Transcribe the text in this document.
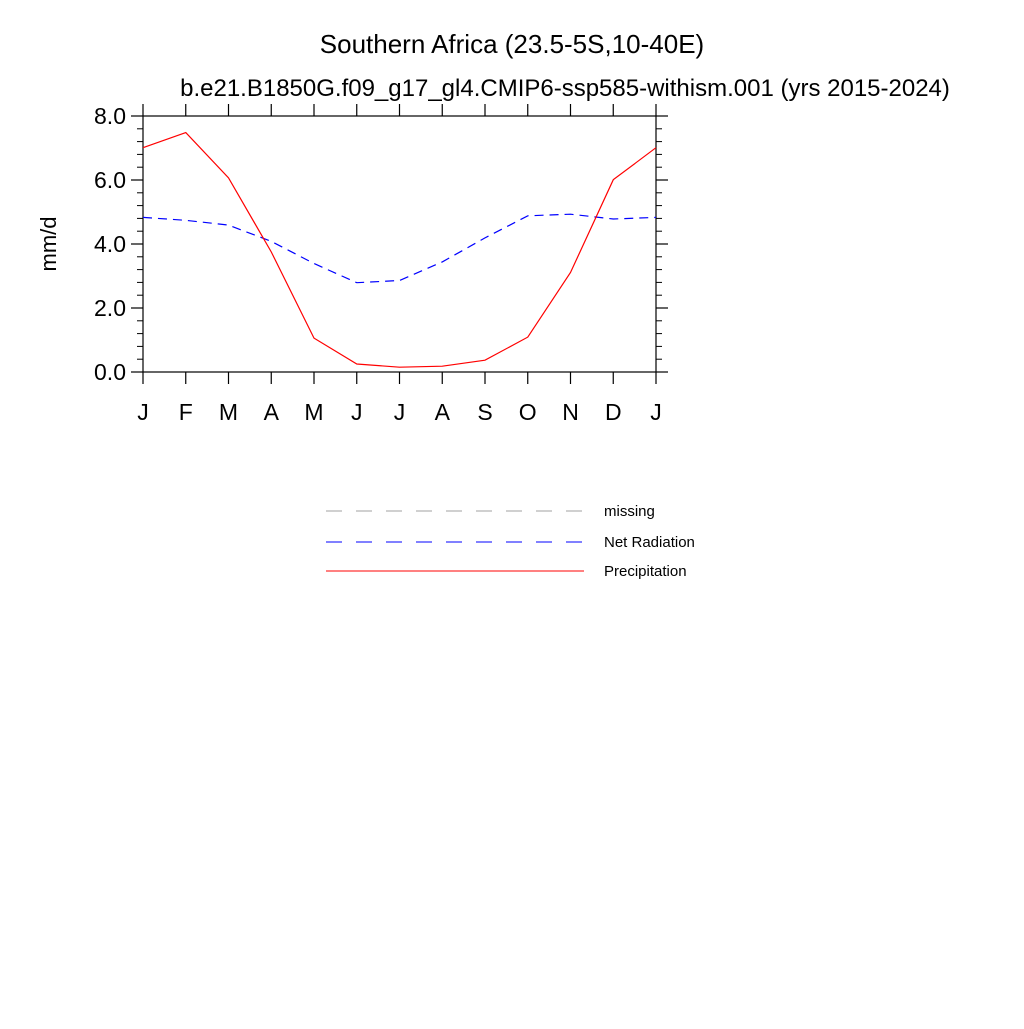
Southern Africa (23.5-5S,10-40E)
b.e21.B1850G.f09_g17_gl4.CMIP6-ssp585-withism.001 (yrs 2015-2024)
mm/d
0.0
2.0
4.0
6.0
8.0
J F M A M J J A S O N D J
missing
Net Radiation
Precipitation
